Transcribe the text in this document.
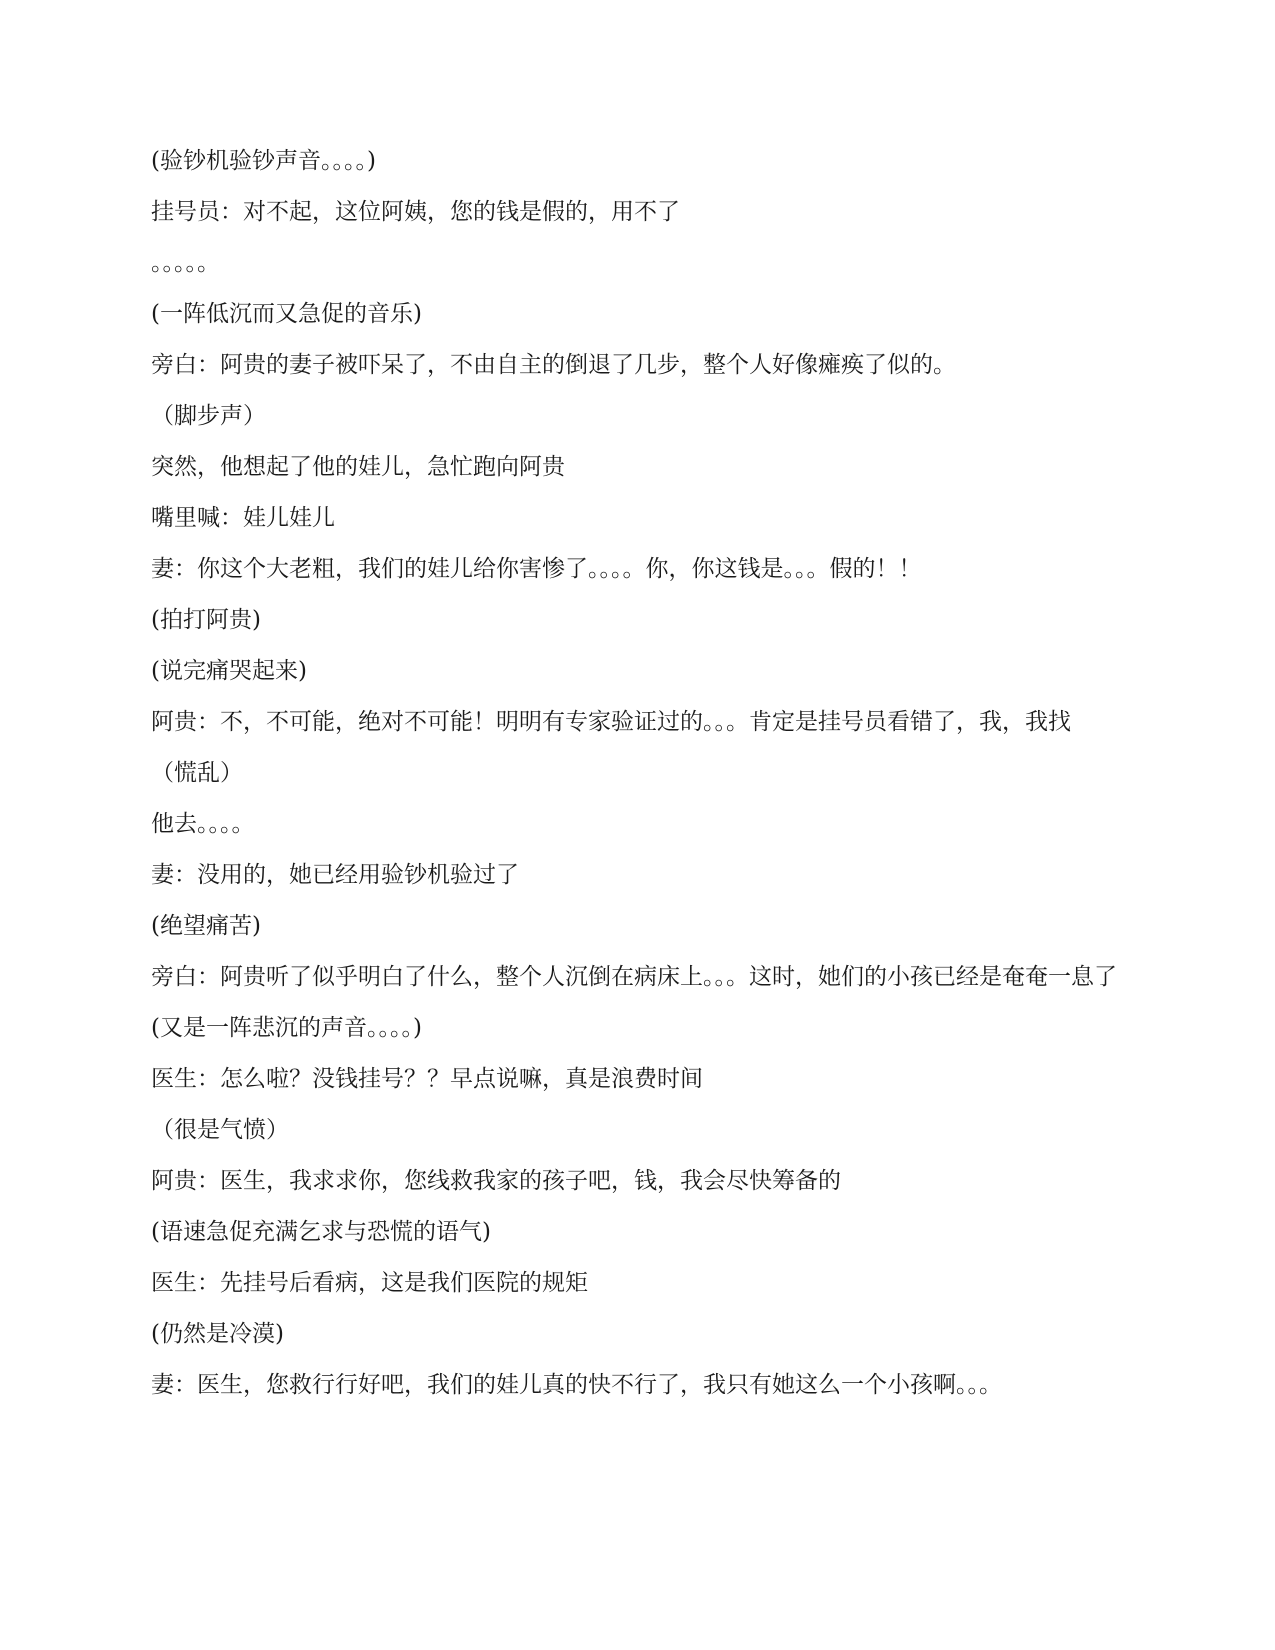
(验钞机验钞声音。。。。)

挂号员：对不起，这位阿姨，您的钱是假的，用不了

。。。。。

(一阵低沉而又急促的音乐)

旁白：阿贵的妻子被吓呆了，不由自主的倒退了几步，整个人好像瘫痪了似的。

（脚步声）

突然，他想起了他的娃儿，急忙跑向阿贵

嘴里喊：娃儿娃儿

妻：你这个大老粗，我们的娃儿给你害惨了。。。。你，你这钱是。。。假的！！

(拍打阿贵)

(说完痛哭起来)

阿贵：不，不可能，绝对不可能！明明有专家验证过的。。。肯定是挂号员看错了，我，我找

（慌乱）

他去。。。。

妻：没用的，她已经用验钞机验过了

(绝望痛苦)

旁白：阿贵听了似乎明白了什么，整个人沉倒在病床上。。。这时，她们的小孩已经是奄奄一息了

(又是一阵悲沉的声音。。。。)

医生：怎么啦？没钱挂号？？早点说嘛，真是浪费时间

（很是气愤）

阿贵：医生，我求求你，您线救我家的孩子吧，钱，我会尽快筹备的

(语速急促充满乞求与恐慌的语气)

医生：先挂号后看病，这是我们医院的规矩

(仍然是冷漠)

妻：医生，您救行行好吧，我们的娃儿真的快不行了，我只有她这么一个小孩啊。。。
